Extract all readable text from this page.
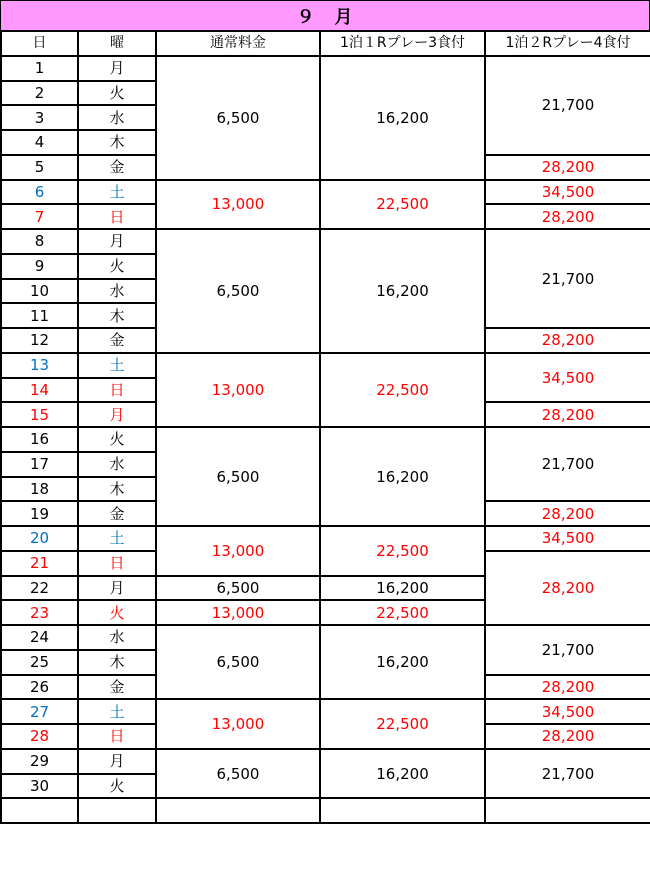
９　月
日	曜	通常料金	1泊１Rプレー3食付	1泊２Rプレー4食付
1	月	6,500	16,200	21,700
2	火			
3	水			
4	木			
5	金			28,200
6	土	13,000	22,500	34,500
7	日			28,200
8	月	6,500	16,200	21,700
9	火			
10	水			
11	木			
12	金			28,200
13	土	13,000	22,500	34,500
14	日			
15	月			28,200
16	火	6,500	16,200	21,700
17	水			
18	木			
19	金			28,200
20	土	13,000	22,500	34,500
21	日			28,200
22	月	6,500	16,200	
23	火	13,000	22,500	
24	水	6,500	16,200	21,700
25	木			
26	金			28,200
27	土	13,000	22,500	34,500
28	日			28,200
29	月	6,500	16,200	21,700
30	火			
